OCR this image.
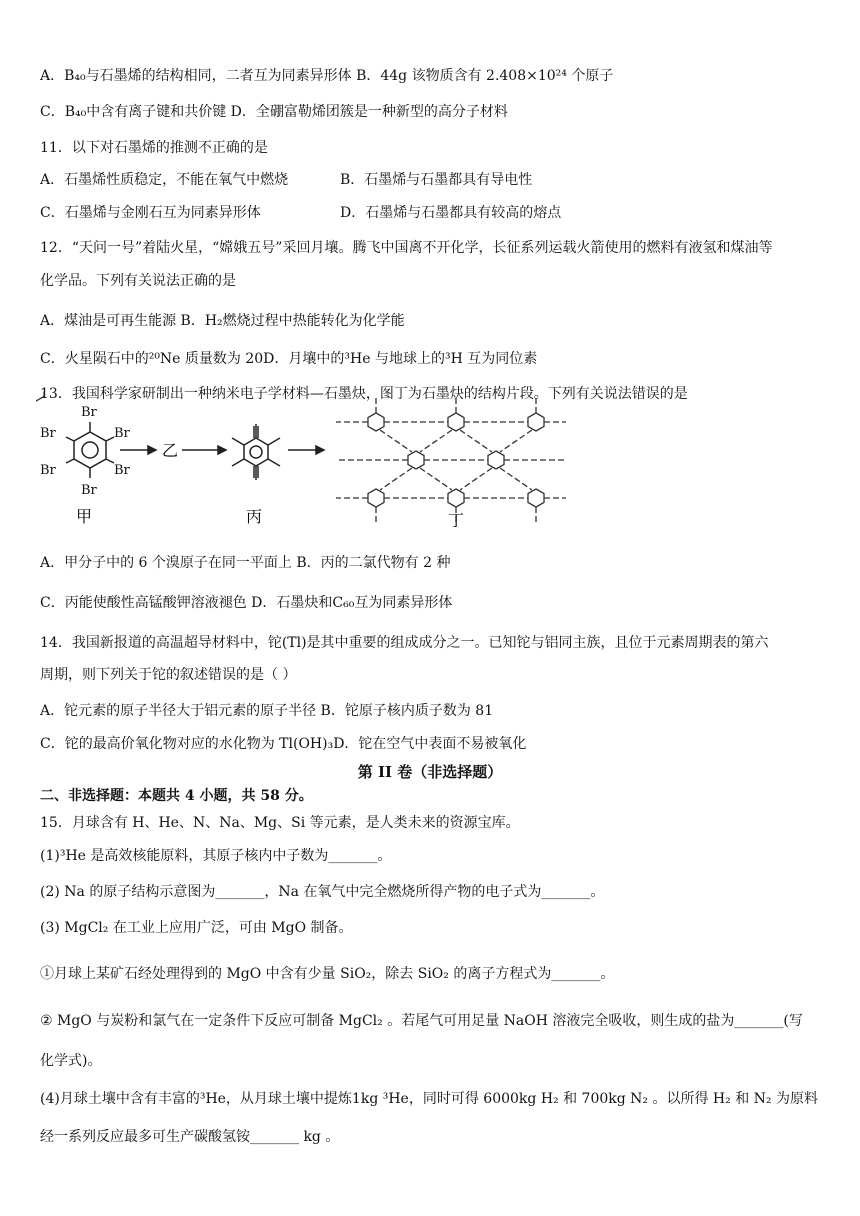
A．B₄₀与石墨烯的结构相同，二者互为同素异形体 B．44g 该物质含有 2.408×10²⁴ 个原子
C．B₄₀中含有离子键和共价键 D．全硼富勒烯团簇是一种新型的高分子材料
11．以下对石墨烯的推测不正确的是
A．石墨烯性质稳定，不能在氧气中燃烧	B．石墨烯与石墨都具有导电性
C．石墨烯与金刚石互为同素异形体	D．石墨烯与石墨都具有较高的熔点
12．“天问一号”着陆火星，“嫦娥五号”采回月壤。腾飞中国离不开化学，长征系列运载火箭使用的燃料有液氢和煤油等
化学品。下列有关说法正确的是
A．煤油是可再生能源 B．H₂燃烧过程中热能转化为化学能
C．火星陨石中的²⁰Ne 质量数为 20D．月壤中的³He 与地球上的³H 互为同位素
13．我国科学家研制出一种纳米电子学材料—石墨炔，图丁为石墨炔的结构片段。下列有关说法错误的是
Br
Br
Br
Br
Br
Br
甲
乙
丙	丁
A．甲分子中的 6 个溴原子在同一平面上 B．丙的二氯代物有 2 种
C．丙能使酸性高锰酸钾溶液褪色 D．石墨炔和C₆₀互为同素异形体
14．我国新报道的高温超导材料中，铊(Tl)是其中重要的组成成分之一。已知铊与铝同主族，且位于元素周期表的第六
周期，则下列关于铊的叙述错误的是（ ）
A．铊元素的原子半径大于铝元素的原子半径 B．铊原子核内质子数为 81
C．铊的最高价氧化物对应的水化物为 Tl(OH)₃D．铊在空气中表面不易被氧化
第 II 卷（非选择题）
二、非选择题：本题共 4 小题，共 58 分。
15．月球含有 H、He、N、Na、Mg、Si 等元素，是人类未来的资源宝库。
(1)³He 是高效核能原料，其原子核内中子数为_______。
(2) Na 的原子结构示意图为_______，Na 在氧气中完全燃烧所得产物的电子式为_______。
(3) MgCl₂ 在工业上应用广泛，可由 MgO 制备。
①月球上某矿石经处理得到的 MgO 中含有少量 SiO₂，除去 SiO₂ 的离子方程式为_______。
② MgO 与炭粉和氯气在一定条件下反应可制备 MgCl₂ 。若尾气可用足量 NaOH 溶液完全吸收，则生成的盐为_______(写
化学式)。
(4)月球土壤中含有丰富的³He，从月球土壤中提炼1kg ³He，同时可得 6000kg H₂ 和 700kg N₂ 。以所得 H₂ 和 N₂ 为原料
经一系列反应最多可生产碳酸氢铵_______ kg 。
